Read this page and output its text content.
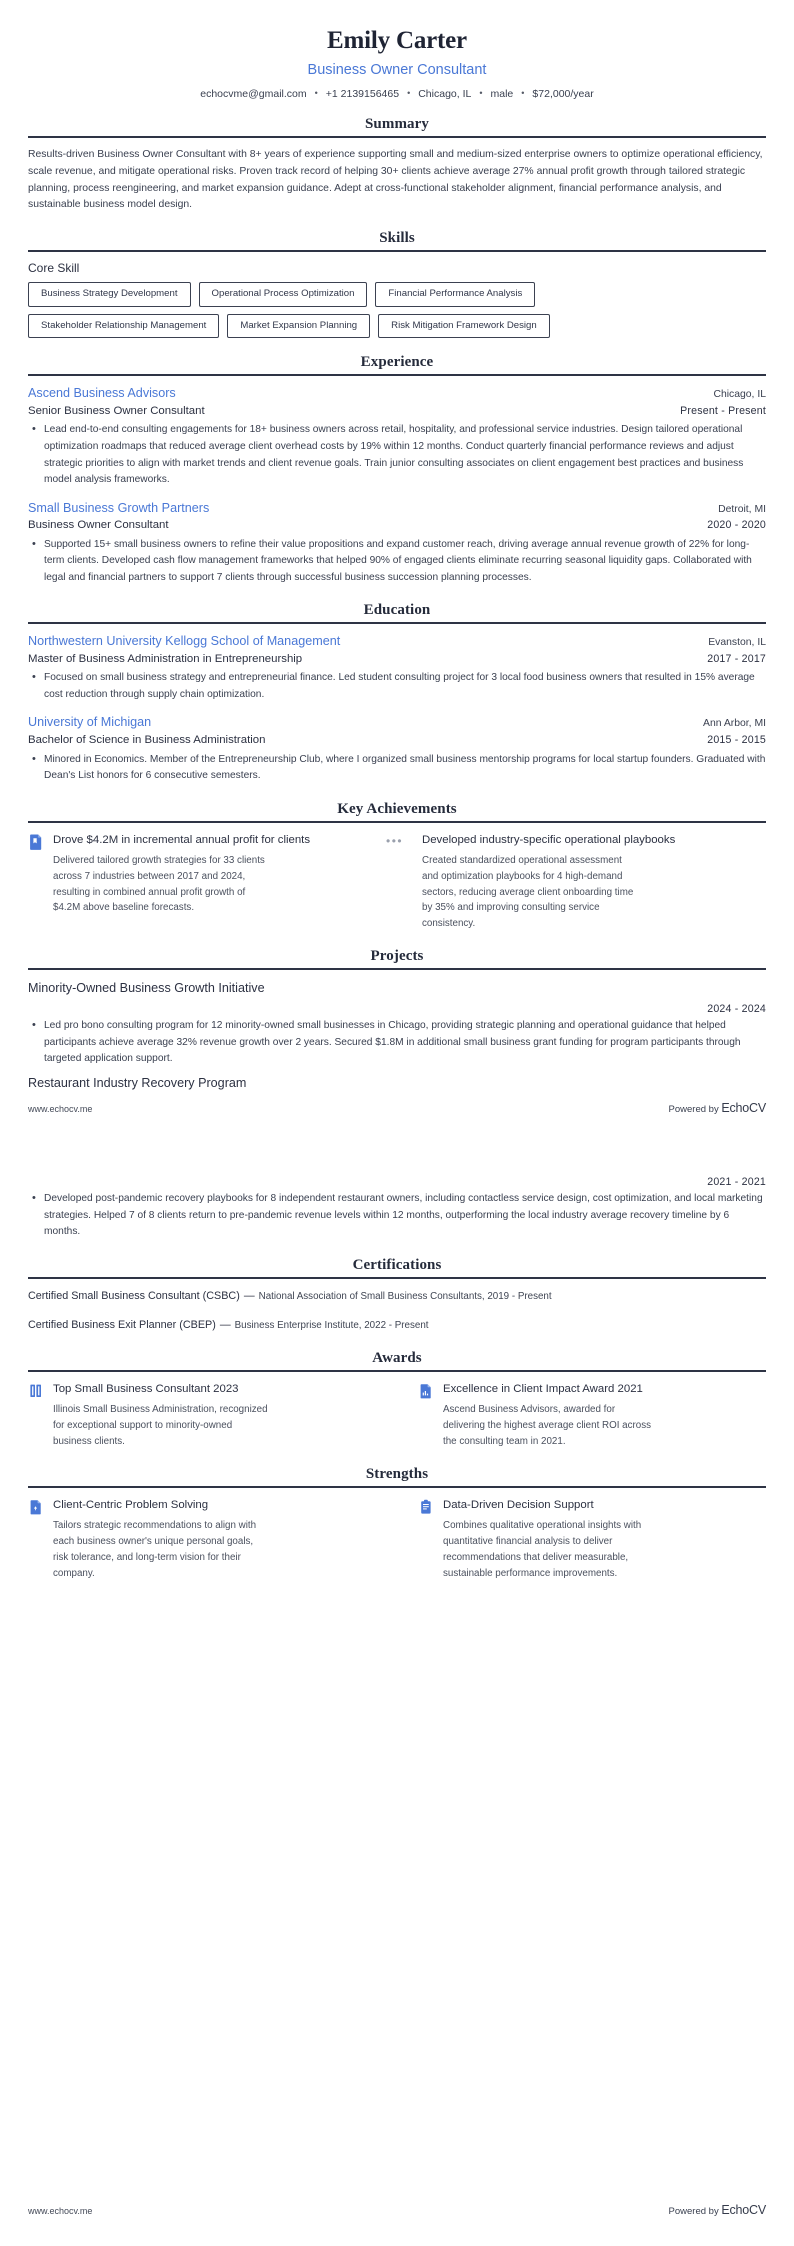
Emily Carter
Business Owner Consultant
echocvme@gmail.com • +1 2139156465 • Chicago, IL • male • $72,000/year
Summary
Results-driven Business Owner Consultant with 8+ years of experience supporting small and medium-sized enterprise owners to optimize operational efficiency, scale revenue, and mitigate operational risks. Proven track record of helping 30+ clients achieve average 27% annual profit growth through tailored strategic planning, process reengineering, and market expansion guidance. Adept at cross-functional stakeholder alignment, financial performance analysis, and sustainable business model design.
Skills
Core Skill
Business Strategy Development	Operational Process Optimization	Financial Performance Analysis
Stakeholder Relationship Management	Market Expansion Planning	Risk Mitigation Framework Design
Experience
Ascend Business Advisors	Chicago, IL
Senior Business Owner Consultant	Present - Present
• Lead end-to-end consulting engagements for 18+ business owners across retail, hospitality, and professional service industries. Design tailored operational optimization roadmaps that reduced average client overhead costs by 19% within 12 months. Conduct quarterly financial performance reviews and adjust strategic priorities to align with market trends and client revenue goals. Train junior consulting associates on client engagement best practices and business model analysis frameworks.
Small Business Growth Partners	Detroit, MI
Business Owner Consultant	2020 - 2020
• Supported 15+ small business owners to refine their value propositions and expand customer reach, driving average annual revenue growth of 22% for long-term clients. Developed cash flow management frameworks that helped 90% of engaged clients eliminate recurring seasonal liquidity gaps. Collaborated with legal and financial partners to support 7 clients through successful business succession planning processes.
Education
Northwestern University Kellogg School of Management	Evanston, IL
Master of Business Administration in Entrepreneurship	2017 - 2017
• Focused on small business strategy and entrepreneurial finance. Led student consulting project for 3 local food business owners that resulted in 15% average cost reduction through supply chain optimization.
University of Michigan	Ann Arbor, MI
Bachelor of Science in Business Administration	2015 - 2015
• Minored in Economics. Member of the Entrepreneurship Club, where I organized small business mentorship programs for local startup founders. Graduated with Dean's List honors for 6 consecutive semesters.
Key Achievements
Drove $4.2M in incremental annual profit for clients
Delivered tailored growth strategies for 33 clients across 7 industries between 2017 and 2024, resulting in combined annual profit growth of $4.2M above baseline forecasts.
•••	Developed industry-specific operational playbooks
Created standardized operational assessment and optimization playbooks for 4 high-demand sectors, reducing average client onboarding time by 35% and improving consulting service consistency.
Projects
Minority-Owned Business Growth Initiative
2024 - 2024
• Led pro bono consulting program for 12 minority-owned small businesses in Chicago, providing strategic planning and operational guidance that helped participants achieve average 32% revenue growth over 2 years. Secured $1.8M in additional small business grant funding for program participants through targeted application support.
Restaurant Industry Recovery Program
2021 - 2021
• Developed post-pandemic recovery playbooks for 8 independent restaurant owners, including contactless service design, cost optimization, and local marketing strategies. Helped 7 of 8 clients return to pre-pandemic revenue levels within 12 months, outperforming the local industry average recovery timeline by 6 months.
Certifications
Certified Small Business Consultant (CSBC) — National Association of Small Business Consultants, 2019 - Present
Certified Business Exit Planner (CBEP) — Business Enterprise Institute, 2022 - Present
Awards
Top Small Business Consultant 2023
Illinois Small Business Administration, recognized for exceptional support to minority-owned business clients.
Excellence in Client Impact Award 2021
Ascend Business Advisors, awarded for delivering the highest average client ROI across the consulting team in 2021.
Strengths
Client-Centric Problem Solving
Tailors strategic recommendations to align with each business owner's unique personal goals, risk tolerance, and long-term vision for their company.
Data-Driven Decision Support
Combines qualitative operational insights with quantitative financial analysis to deliver recommendations that deliver measurable, sustainable performance improvements.
www.echocv.me	Powered by EchoCV
www.echocv.me	Powered by EchoCV
